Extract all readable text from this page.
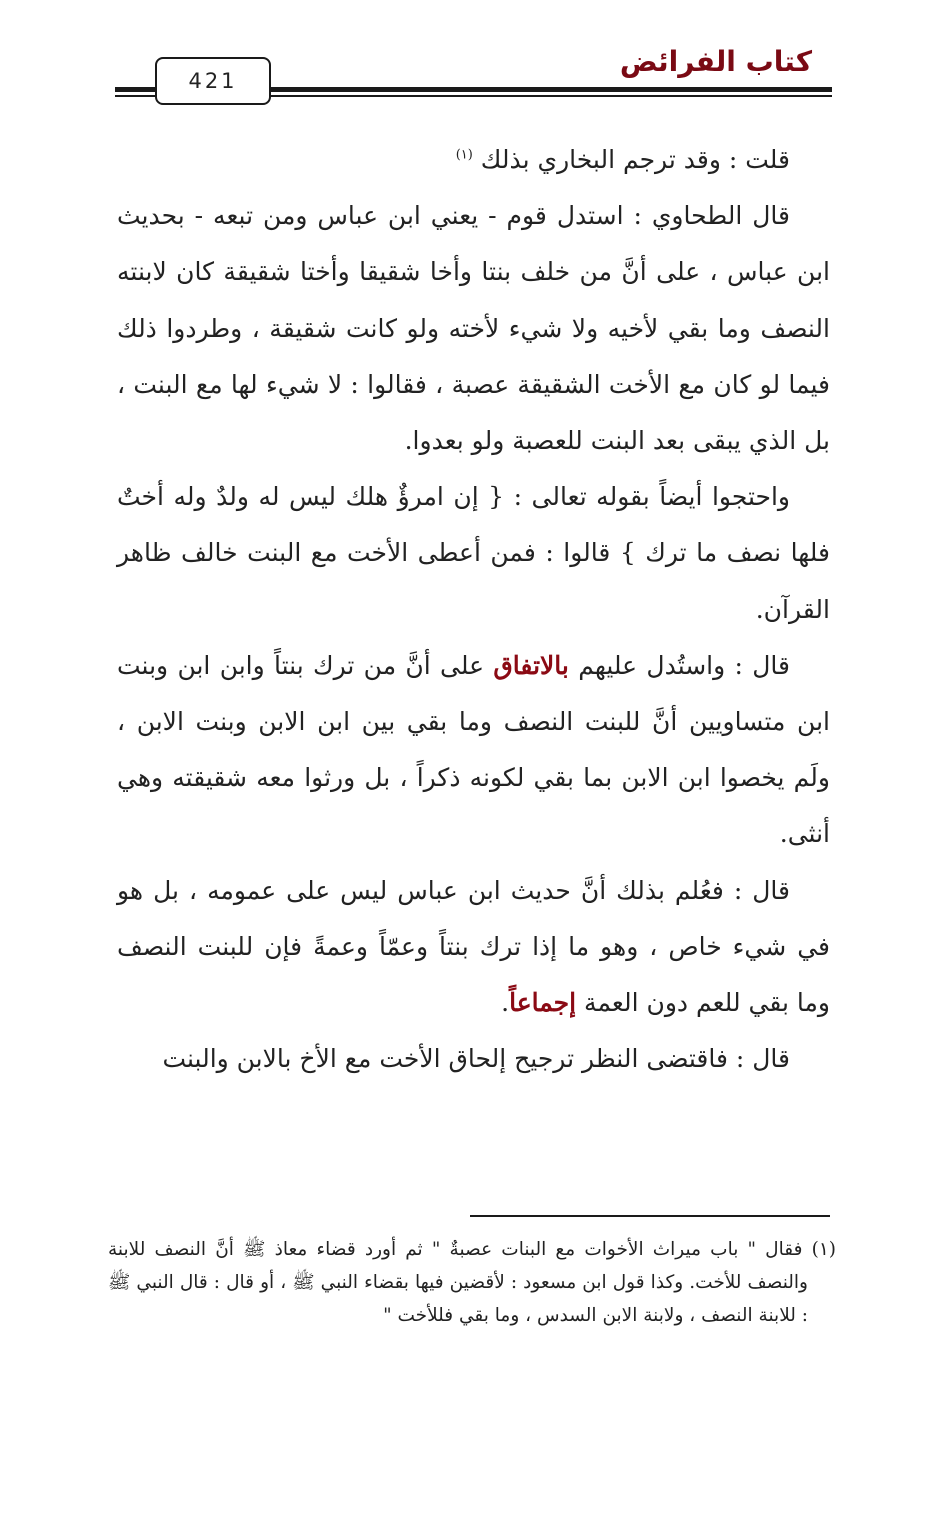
421
كتاب الفرائض

قلت : وقد ترجم البخاري بذلك $^{(١)}$

قال الطحاوي : استدل قوم - يعني ابن عباس ومن تبعه - بحديث ابن عباس ، على أنَّ من خلف بنتا وأخا شقيقا وأختا شقيقة كان لابنته النصف وما بقي لأخيه ولا شيء لأخته ولو كانت شقيقة ، وطردوا ذلك فيما لو كان مع الأخت الشقيقة عصبة ، فقالوا : لا شيء لها مع البنت ، بل الذي يبقى بعد البنت للعصبة ولو بعدوا.

واحتجوا أيضاً بقوله تعالى : { إن امرؤٌ هلك ليس له ولدٌ وله أختٌ فلها نصف ما ترك } قالوا : فمن أعطى الأخت مع البنت خالف ظاهر القرآن.

قال : واستُدل عليهم بالاتفاق على أنَّ من ترك بنتاً وابن ابن وبنت ابن متساويين أنَّ للبنت النصف وما بقي بين ابن الابن وبنت الابن ، ولَم يخصوا ابن الابن بما بقي لكونه ذكراً ، بل ورثوا معه شقيقته وهي أنثى.

قال : فعُلم بذلك أنَّ حديث ابن عباس ليس على عمومه ، بل هو في شيء خاص ، وهو ما إذا ترك بنتاً وعمّاً وعمةً فإن للبنت النصف وما بقي للعم دون العمة إجماعاً.

قال : فاقتضى النظر ترجيح إلحاق الأخت مع الأخ بالابن والبنت

(١) فقال " باب ميراث الأخوات مع البنات عصبةٌ " ثم أورد قضاء معاذ ﷺ أنَّ النصف للابنة والنصف للأخت. وكذا قول ابن مسعود : لأقضين فيها بقضاء النبي ﷺ ، أو قال : قال النبي ﷺ : للابنة النصف ، ولابنة الابن السدس ، وما بقي فللأخت "
